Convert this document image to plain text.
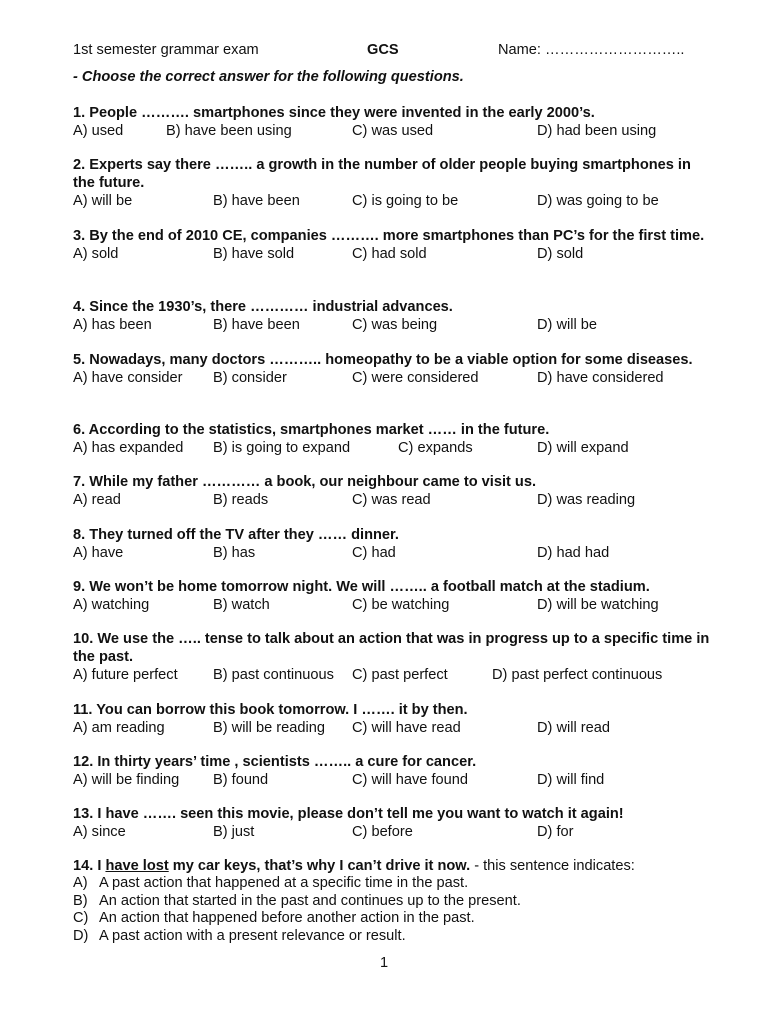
1st semester grammar exam	GCS	Name: ………………………..
- Choose the correct answer for the following questions.
1. People ………. smartphones since they were invented in the early 2000’s.
A) used	B) have been using	C) was used	D) had been using
2. Experts say there …….. a growth in the number of older people buying smartphones in the future.
A) will be	B) have been	C) is going to be	D) was going to be
3. By the end of 2010 CE, companies ………. more smartphones than PC’s for the first time.
A) sold	B) have sold	C) had sold	D) sold
4. Since the 1930’s, there ………… industrial advances.
A) has been	B) have been	C) was being	D) will be
5. Nowadays, many doctors ……….. homeopathy to be a viable option for some diseases.
A) have consider B) consider	C) were considered	D) have considered
6. According to the statistics, smartphones market …… in the future.
A) has expanded B) is going to expand	C) expands	D) will expand
7. While my father ………… a book, our neighbour came to visit us.
A) read	B) reads	C) was read	D) was reading
8. They turned off the TV after they …… dinner.
A) have	B) has	C) had	D) had had
9. We won’t be home tomorrow night. We will …….. a football match at the stadium.
A) watching	B) watch	C) be watching	D) will be watching
10. We use the ….. tense to talk about an action that was in progress up to a specific time in the past.
A) future perfect B) past continuous C) past perfect	D) past perfect continuous
11. You can borrow this book tomorrow. I ……. it by then.
A) am reading	B) will be reading C) will have read	D) will read
12. In thirty years’ time , scientists …….. a cure for cancer.
A) will be finding B) found	C) will have found	D) will find
13. I have ……. seen this movie, please don’t tell me you want to watch it again!
A) since	B) just	C) before	D) for
14. I have lost my car keys, that’s why I can’t drive it now. - this sentence indicates:
A) A past action that happened at a specific time in the past.
B) An action that started in the past and continues up to the present.
C) An action that happened before another action in the past.
D) A past action with a present relevance or result.
1
